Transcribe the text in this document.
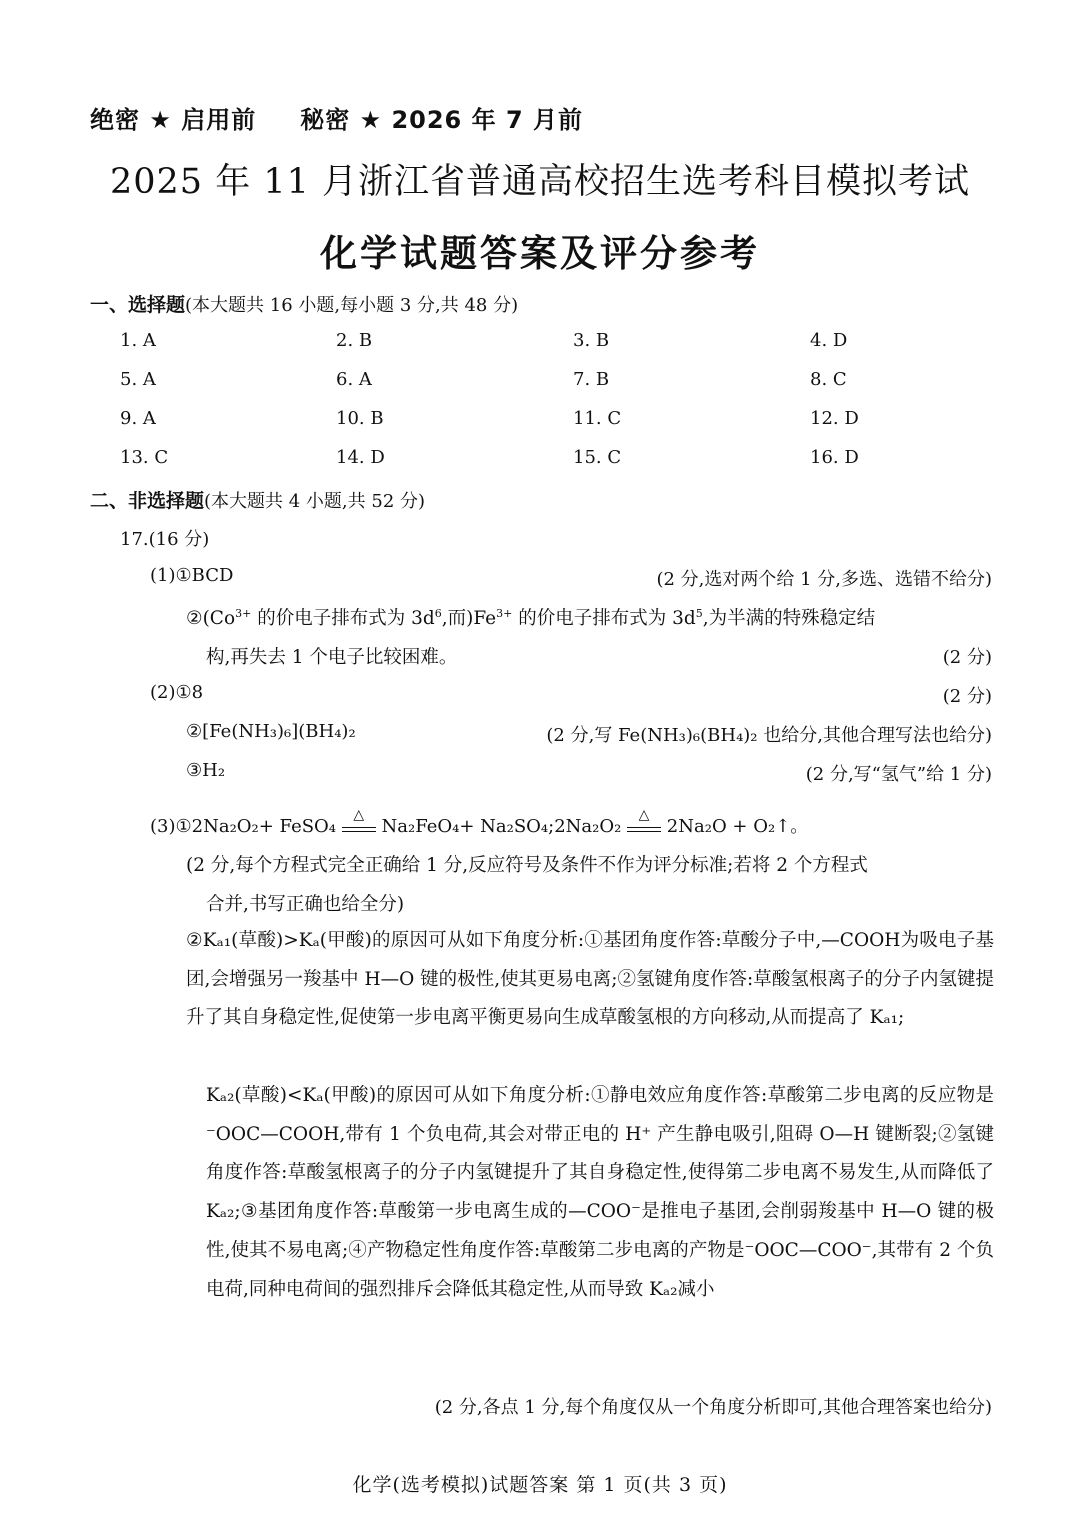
绝密 ★ 启用前 秘密 ★ 2026 年 7 月前
2025 年 11 月浙江省普通高校招生选考科目模拟考试
化学试题答案及评分参考
一、选择题(本大题共 16 小题,每小题 3 分,共 48 分)
1. A	2. B	3. B	4. D
5. A	6. A	7. B	8. C
9. A	10. B	11. C	12. D
13. C	14. D	15. C	16. D
二、非选择题(本大题共 4 小题,共 52 分)
17.(16 分)
(1)①BCD	(2 分,选对两个给 1 分,多选、选错不给分)
$②(Co^{3+}$ 的价电子排布式为 $3d^6$,而)$Fe^{3+}$ 的价电子排布式为 $3d^5$,为半满的特殊稳定结
构,再失去 1 个电子比较困难。	(2 分)
(2)①8	(2 分)
②[Fe(NH₃)₆](BH₄)₂	(2 分,写 Fe(NH₃)₆(BH₄)₂ 也给分,其他合理写法也给分)
③H₂	(2 分,写“氢气”给 1 分)
(3)①2Na₂O₂+ FeSO₄
△
Na₂FeO₄+ Na₂SO₄;2Na₂O₂
△
2Na₂O + O₂↑。
(2 分,每个方程式完全正确给 1 分,反应符号及条件不作为评分标准;若将 2 个方程式
合并,书写正确也给全分)
②Kₐ₁(草酸)>Kₐ(甲酸)的原因可从如下角度分析:①基团角度作答:草酸分子中,—COOH为吸电子基团,会增强另一羧基中 H—O 键的极性,使其更易电离;②氢键角度作答:草酸氢根离子的分子内氢键提升了其自身稳定性,促使第一步电离平衡更易向生成草酸氢根的方向移动,从而提高了 Kₐ₁;
Kₐ₂(草酸)<Kₐ(甲酸)的原因可从如下角度分析:①静电效应角度作答:草酸第二步电离的反应物是⁻OOC—COOH,带有 1 个负电荷,其会对带正电的 H⁺ 产生静电吸引,阻碍 O—H 键断裂;②氢键角度作答:草酸氢根离子的分子内氢键提升了其自身稳定性,使得第二步电离不易发生,从而降低了 Kₐ₂;③基团角度作答:草酸第一步电离生成的—COO⁻是推电子基团,会削弱羧基中 H—O 键的极性,使其不易电离;④产物稳定性角度作答:草酸第二步电离的产物是⁻OOC—COO⁻,其带有 2 个负电荷,同种电荷间的强烈排斥会降低其稳定性,从而导致 Kₐ₂减小
(2 分,各点 1 分,每个角度仅从一个角度分析即可,其他合理答案也给分)
化学(选考模拟)试题答案 第 1 页(共 3 页)
